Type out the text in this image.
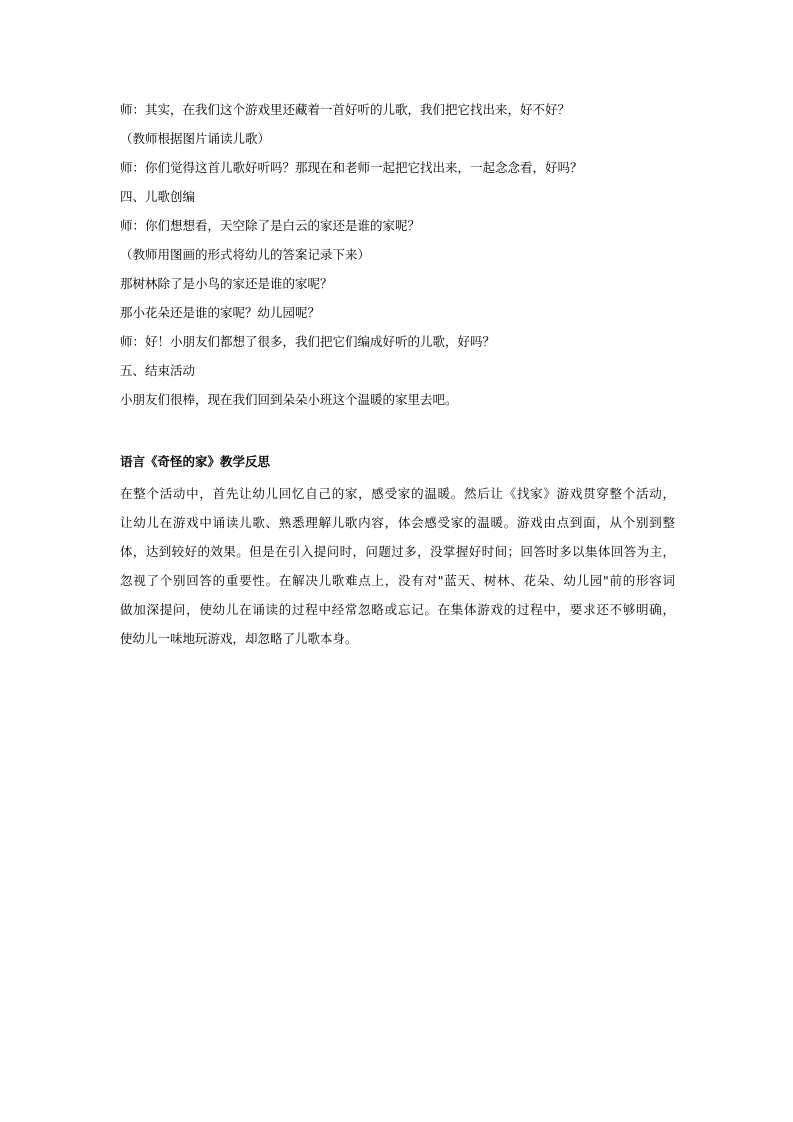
师：其实，在我们这个游戏里还藏着一首好听的儿歌，我们把它找出来，好不好？
（教师根据图片诵读儿歌）
师：你们觉得这首儿歌好听吗？那现在和老师一起把它找出来，一起念念看，好吗？
四、儿歌创编
师：你们想想看，天空除了是白云的家还是谁的家呢？
（教师用图画的形式将幼儿的答案记录下来）
那树林除了是小鸟的家还是谁的家呢？
那小花朵还是谁的家呢？幼儿园呢？
师：好！小朋友们都想了很多，我们把它们编成好听的儿歌，好吗？
五、结束活动
小朋友们很棒，现在我们回到朵朵小班这个温暖的家里去吧。
语言《奇怪的家》教学反思
在整个活动中，首先让幼儿回忆自己的家，感受家的温暖。然后让《找家》游戏贯穿整个活动，
让幼儿在游戏中诵读儿歌、熟悉理解儿歌内容，体会感受家的温暖。游戏由点到面，从个别到整
体，达到较好的效果。但是在引入提问时，问题过多，没掌握好时间；回答时多以集体回答为主，
忽视了个别回答的重要性。在解决儿歌难点上，没有对"蓝天、树林、花朵、幼儿园"前的形容词
做加深提问，使幼儿在诵读的过程中经常忽略或忘记。在集体游戏的过程中，要求还不够明确，
使幼儿一味地玩游戏，却忽略了儿歌本身。
